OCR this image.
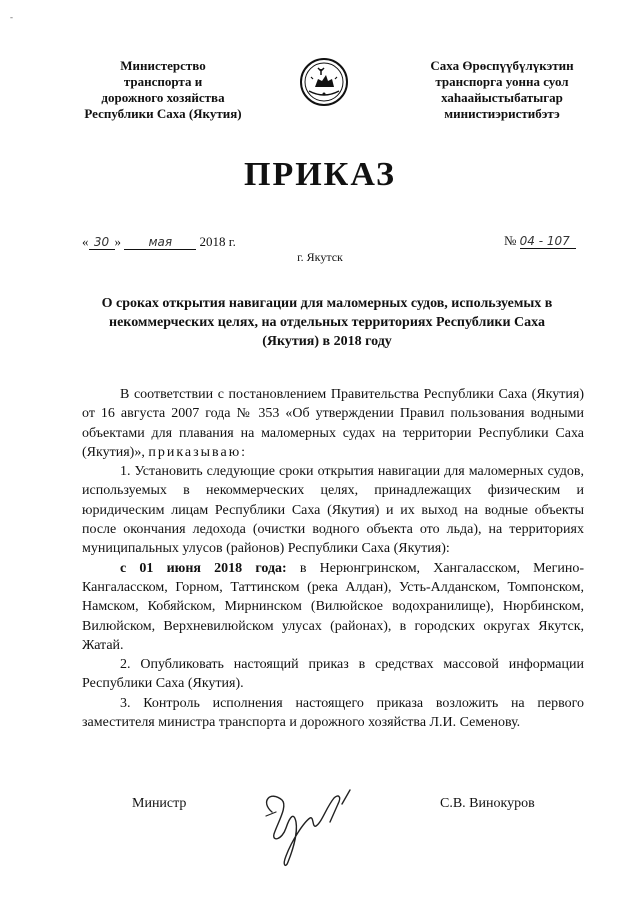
-
Министерство
транспорта и
дорожного хозяйства
Республики Саха (Якутия)
Саха Өрөспүүбүлүкэтин
транспорга уонна суол
хаһаайыстыбатыгар
министиэристибэтэ
ПРИКАЗ
« 30 » мая 2018 г.	№ 04 - 107
г. Якутск
О сроках открытия навигации для маломерных судов, используемых в
некоммерческих целях, на отдельных территориях Республики Саха
(Якутия) в 2018 году

В соответствии с постановлением Правительства Республики Саха (Якутия) от 16 августа 2007 года № 353 «Об утверждении Правил пользования водными объектами для плавания на маломерных судах на территории Республики Саха (Якутия)», приказываю:

1. Установить следующие сроки открытия навигации для маломерных судов, используемых в некоммерческих целях, принадлежащих физическим и юридическим лицам Республики Саха (Якутия) и их выход на водные объекты после окончания ледохода (очистки водного объекта ото льда), на территориях муниципальных улусов (районов) Республики Саха (Якутия):

с 01 июня 2018 года: в Нерюнгринском, Хангаласском, Мегино-Кангаласском, Горном, Таттинском (река Алдан), Усть-Алданском, Томпонском, Намском, Кобяйском, Мирнинском (Вилюйское водохранилище), Нюрбинском, Вилюйском, Верхневилюйском улусах (районах), в городских округах Якутск, Жатай.

2. Опубликовать настоящий приказ в средствах массовой информации Республики Саха (Якутия).

3. Контроль исполнения настоящего приказа возложить на первого заместителя министра транспорта и дорожного хозяйства Л.И. Семенову.

Министр	С.В. Винокуров
